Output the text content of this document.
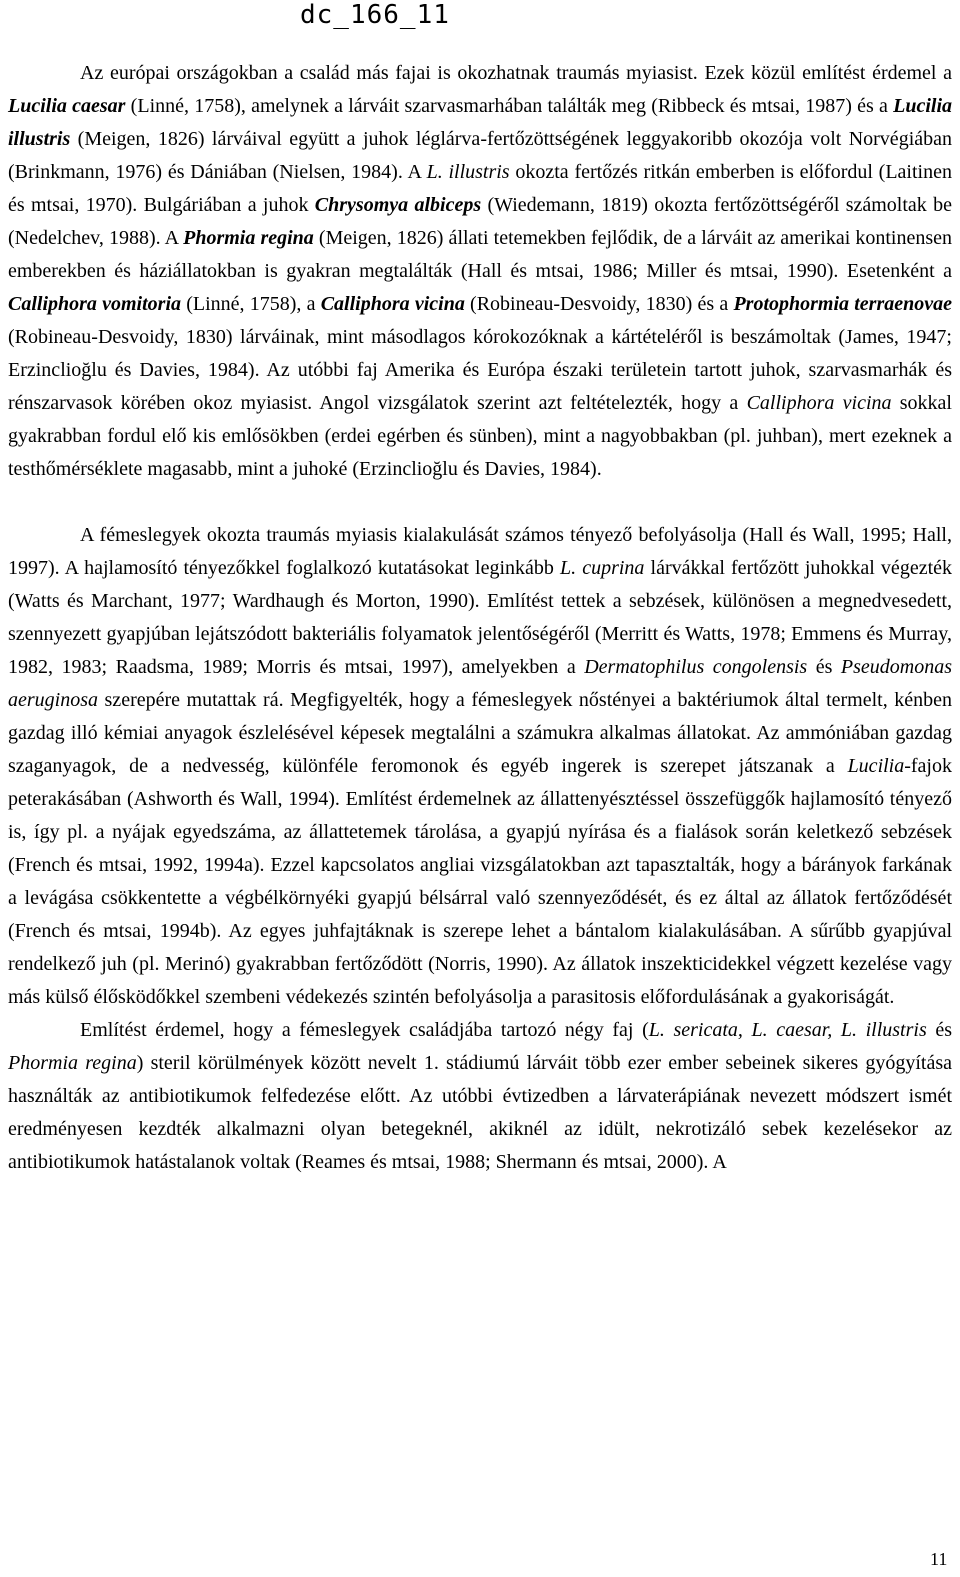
dc_166_11

Az európai országokban a család más fajai is okozhatnak traumás myiasist. Ezek közül említést érdemel a Lucilia caesar (Linné, 1758), amelynek a lárváit szarvasmarhában találták meg (Ribbeck és mtsai, 1987) és a Lucilia illustris (Meigen, 1826) lárváival együtt a juhok léglárva-fertőzöttségének leggyakoribb okozója volt Norvégiában (Brinkmann, 1976) és Dániában (Nielsen, 1984). A L. illustris okozta fertőzés ritkán emberben is előfordul (Laitinen és mtsai, 1970). Bulgáriában a juhok Chrysomya albiceps (Wiedemann, 1819) okozta fertőzöttségéről számoltak be (Nedelchev, 1988). A Phormia regina (Meigen, 1826) állati tetemekben fejlődik, de a lárváit az amerikai kontinensen emberekben és háziállatokban is gyakran megtalálták (Hall és mtsai, 1986; Miller és mtsai, 1990). Esetenként a Calliphora vomitoria (Linné, 1758), a Calliphora vicina (Robineau-Desvoidy, 1830) és a Protophormia terraenovae (Robineau-Desvoidy, 1830) lárváinak, mint másodlagos kórokozóknak a kártételéről is beszámoltak (James, 1947; Erzinclioğlu és Davies, 1984). Az utóbbi faj Amerika és Európa északi területein tartott juhok, szarvasmarhák és rénszarvasok körében okoz myiasist. Angol vizsgálatok szerint azt feltételezték, hogy a Calliphora vicina sokkal gyakrabban fordul elő kis emlősökben (erdei egérben és sünben), mint a nagyobbakban (pl. juhban), mert ezeknek a testhőmérséklete magasabb, mint a juhoké (Erzinclioğlu és Davies, 1984).

A fémeslegyek okozta traumás myiasis kialakulását számos tényező befolyásolja (Hall és Wall, 1995; Hall, 1997). A hajlamosító tényezőkkel foglalkozó kutatásokat leginkább L. cuprina lárvákkal fertőzött juhokkal végezték (Watts és Marchant, 1977; Wardhaugh és Morton, 1990). Említést tettek a sebzések, különösen a megnedvesedett, szennyezett gyapjúban lejátszódott bakteriális folyamatok jelentőségéről (Merritt és Watts, 1978; Emmens és Murray, 1982, 1983; Raadsma, 1989; Morris és mtsai, 1997), amelyekben a Dermatophilus congolensis és Pseudomonas aeruginosa szerepére mutattak rá. Megfigyelték, hogy a fémeslegyek nőstényei a baktériumok által termelt, kénben gazdag illó kémiai anyagok észlelésével képesek megtalálni a számukra alkalmas állatokat. Az ammóniában gazdag szaganyagok, de a nedvesség, különféle feromonok és egyéb ingerek is szerepet játszanak a Lucilia-fajok peterakásában (Ashworth és Wall, 1994). Említést érdemelnek az állattenyésztéssel összefüggők hajlamosító tényező is, így pl. a nyájak egyedszáma, az állattetemek tárolása, a gyapjú nyírása és a fialások során keletkező sebzések (French és mtsai, 1992, 1994a). Ezzel kapcsolatos angliai vizsgálatokban azt tapasztalták, hogy a bárányok farkának a levágása csökkentette a végbélkörnyéki gyapjú bélsárral való szennyeződését, és ez által az állatok fertőződését (French és mtsai, 1994b). Az egyes juhfajtáknak is szerepe lehet a bántalom kialakulásában. A sűrűbb gyapjúval rendelkező juh (pl. Merinó) gyakrabban fertőződött (Norris, 1990). Az állatok inszekticidekkel végzett kezelése vagy más külső élősködőkkel szembeni védekezés szintén befolyásolja a parasitosis előfordulásának a gyakoriságát.

Említést érdemel, hogy a fémeslegyek családjába tartozó négy faj (L. sericata, L. caesar, L. illustris és Phormia regina) steril körülmények között nevelt 1. stádiumú lárváit több ezer ember sebeinek sikeres gyógyítása használták az antibiotikumok felfedezése előtt. Az utóbbi évtizedben a lárvaterápiának nevezett módszert ismét eredményesen kezdték alkalmazni olyan betegeknél, akiknél az idült, nekrotizáló sebek kezelésekor az antibiotikumok hatástalanok voltak (Reames és mtsai, 1988; Shermann és mtsai, 2000). A

11
